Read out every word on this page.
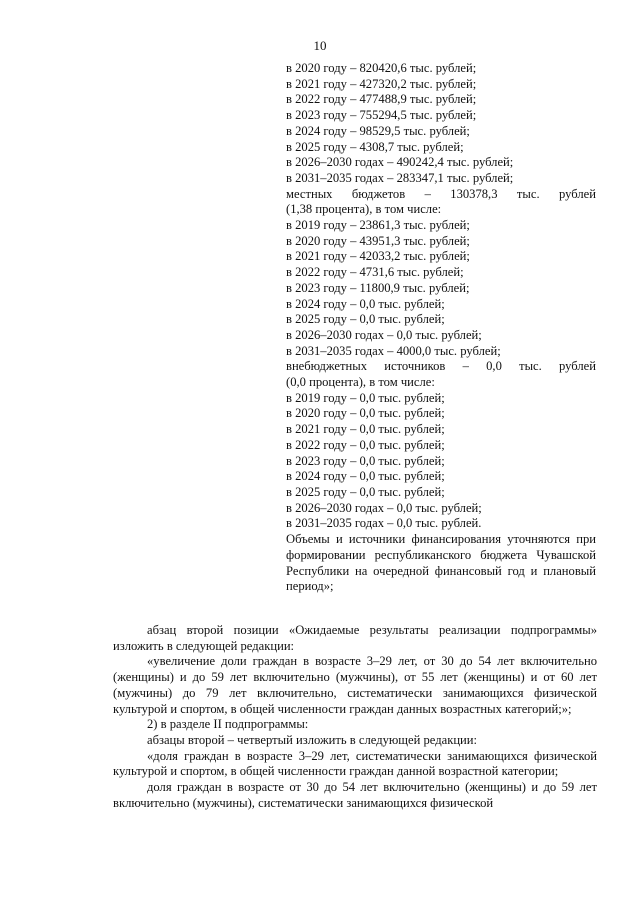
10
в 2020 году – 820420,6 тыс. рублей;
в 2021 году – 427320,2 тыс. рублей;
в 2022 году – 477488,9 тыс. рублей;
в 2023 году – 755294,5 тыс. рублей;
в 2024 году – 98529,5 тыс. рублей;
в 2025 году – 4308,7 тыс. рублей;
в 2026–2030 годах – 490242,4 тыс. рублей;
в 2031–2035 годах – 283347,1 тыс. рублей;
местных бюджетов – 130378,3 тыс. рублей
(1,38 процента), в том числе:
в 2019 году – 23861,3 тыс. рублей;
в 2020 году – 43951,3 тыс. рублей;
в 2021 году – 42033,2 тыс. рублей;
в 2022 году – 4731,6 тыс. рублей;
в 2023 году – 11800,9 тыс. рублей;
в 2024 году – 0,0 тыс. рублей;
в 2025 году – 0,0 тыс. рублей;
в 2026–2030 годах – 0,0 тыс. рублей;
в 2031–2035 годах – 4000,0 тыс. рублей;
внебюджетных источников – 0,0 тыс. рублей
(0,0 процента), в том числе:
в 2019 году – 0,0 тыс. рублей;
в 2020 году – 0,0 тыс. рублей;
в 2021 году – 0,0 тыс. рублей;
в 2022 году – 0,0 тыс. рублей;
в 2023 году – 0,0 тыс. рублей;
в 2024 году – 0,0 тыс. рублей;
в 2025 году – 0,0 тыс. рублей;
в 2026–2030 годах – 0,0 тыс. рублей;
в 2031–2035 годах – 0,0 тыс. рублей.
Объемы и источники финансирования уточняются при формировании республиканского бюджета Чувашской Республики на очередной финансовый год и плановый период»;

абзац второй позиции «Ожидаемые результаты реализации подпрограммы» изложить в следующей редакции:

«увеличение доли граждан в возрасте 3–29 лет, от 30 до 54 лет включительно (женщины) и до 59 лет включительно (мужчины), от 55 лет (женщины) и от 60 лет (мужчины) до 79 лет включительно, систематически занимающихся физической культурой и спортом, в общей численности граждан данных возрастных категорий;»;

2) в разделе II подпрограммы:

абзацы второй – четвертый изложить в следующей редакции:

«доля граждан в возрасте 3–29 лет, систематически занимающихся физической культурой и спортом, в общей численности граждан данной возрастной категории;

доля граждан в возрасте от 30 до 54 лет включительно (женщины) и до 59 лет включительно (мужчины), систематически занимающихся физической
